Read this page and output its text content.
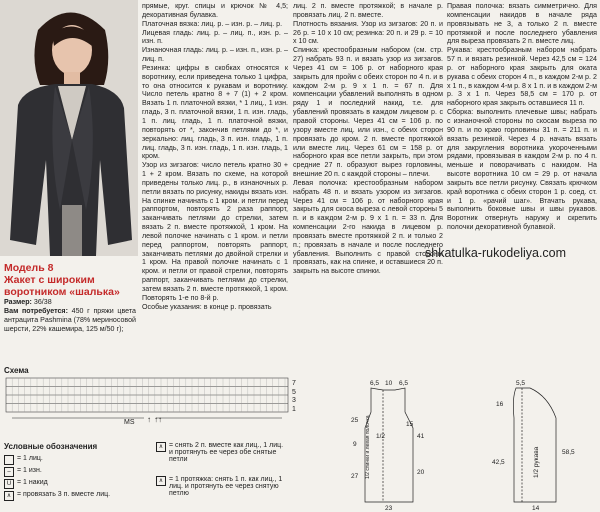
Модель 8
Жакет с широким
воротником «шалька»

Размер: 36/38

Вам потребуется: 450 г пряжи цвета антрацита Pashmina (78% мериносовой шерсти, 22% кашемира, 125 м/50 г);

прямые, круг. спицы и крючок № 4,5; декоративная булавка.

Платочная вязка: лиц. р. – изн. р. – лиц. р.

Лицевая гладь: лиц. р. – лиц. п., изн. р. – изн. п.

Изнаночная гладь: лиц. р. – изн. п., изн. р. – лиц. п.

Резинка: цифры в скобках относятся к воротнику, если приведена только 1 цифра, то она относится к рукавам и воротнику. Число петель кратно 8 + 7 (1) + 2 кром. Вязать 1 п. платочной вязки, * 1 лиц., 1 изн. гладь, 3 п. платочной вязки, 1 п. изн. гладь, 1 п. лиц. гладь, 1 п. платочной вязки, повторять от *, закончив петлями до *, и зеркально: лиц. гладь, 3 п. изн. гладь, 1 п. лиц. гладь, 3 п. изн. гладь, 1 п. изн. гладь, 1 кром.

Узор из зигзагов: число петель кратно 30 + 1 + 2 кром. Вязать по схеме, на которой приведены только лиц. р., в изнаночных р. петли вязать по рисунку, накиды вязать изн. На спинке начинать с 1 кром. и петли перед раппортом, повторять 2 раза раппорт, заканчивать петлями до стрелки, затем вязать 2 п. вместе протяжкой, 1 кром. На левой полочке начинать с 1 кром. и петли перед раппортом, повторять раппорт, заканчивать петлями до двойной стрелки и 1 кром. На правой полочке начинать с 1 кром. и петли от правой стрелки, повторять раппорт, заканчивать петлями до стрелки, затем вязать 2 п. вместе протяжкой, 1 кром. Повторять 1-е по 8-й р.

Особые указания: в конце р. провязать

лиц. 2 п. вместе протяжкой; в начале р. провязать лиц. 2 п. вместе.

Плотность вязания. Узор из зигзагов: 20 п. и 26 р. = 10 х 10 см; резинка: 20 п. и 29 р. = 10 х 10 см.

Спинка: крестообразным набором (см. стр. 27) набрать 93 п. и вязать узор из зигзагов. Через 41 см = 106 р. от наборного края закрыть для пройм с обеих сторон по 4 п. и в каждом 2-м р. 9 х 1 п. = 67 п. Для компенсации убавлений выполнять в одном ряду 1 и последний накид, т.е. для убавлений провязать в каждом лицевом р. с правой стороны. Через 41 см = 106 р. по узору вместе лиц. или изн., с обеих сторон провязать до кром. 2 п. вместе протяжкой или вместе лиц. Через 61 см = 158 р. от наборного края все петли закрыть, при этом средние 27 п. образуют вырез горловины, внешние 20 п. с каждой стороны – плечи.

Левая полочка: крестообразным набором набрать 48 п. и вязать узором из зигзагов. Через 41 см = 106 р. от наборного края закрыть для скоса выреза с левой стороны 5 п. и в каждом 2-м р. 9 х 1 п. = 33 п. Для компенсации 2-го накида в лицевом р. провязать вместе протяжкой 2 п. и только 2 п.; провязать в начале и после последнего убавления. Выполнить с правой стороны провязать, как на спинке, и оставшиеся 20 п. закрыть на высоте спинки.

Правая полочка: вязать симметрично. Для компенсации накидов в начале ряда провязывать не 3, а только 2 п. вместе протяжкой и после последнего убавления для выреза провязать 2 п. вместе лиц.

Рукава: крестообразным набором набрать 57 п. и вязать резинкой. Через 42,5 см = 124 р. от наборного края закрыть для оката рукава с обеих сторон 4 п., в каждом 2-м р. 2 х 1 п., в каждом 4-м р. 8 х 1 п. и в каждом 2-м р. 3 х 1 п. Через 58,5 см = 170 р. от наборного края закрыть оставшиеся 11 п.

Сборка: выполнить плечевые швы; набрать с изнаночной стороны по скосам выреза по 90 п. и по краю горловины 31 п. = 211 п. и вязать резинкой. Через 4 р. начать вязать для закругления воротника укороченными рядами, провязывая в каждом 2-м р. по 4 п. меньше и поворачивать с накидом. На высоте воротника 10 см = 29 р. от начала закрыть все петли рисунку. Связать крючком край воротника с обеих сторон 1 р. соед. ст. и 1 р. «рачий шаг». Втачать рукава, выполнить боковые швы и швы рукавов. Воротник отвернуть наружу и скрепить полочки декоративной булавкой.

shkatulka-rukodeliya.com
Схема
7
5
3
1
MS ↑ ↑↑
Условные обозначения
= 1 лиц.
– = 1 изн.
U = 1 накид
∧ = провязать 3 п. вместе лиц.
∧ = снять 2 п. вместе как лиц., 1 лиц. и протянуть ее через обе снятые петли
∧ = 1 протяжка: снять 1 п. как лиц., 1 лиц. и протянуть ее через снятую петлю
6,5 10 6,5
15
25
9
27
41
20
23
1/2
1/2 спинки и левая полочка
5,5
16
42,5
58,5
14
1/2 рукава
